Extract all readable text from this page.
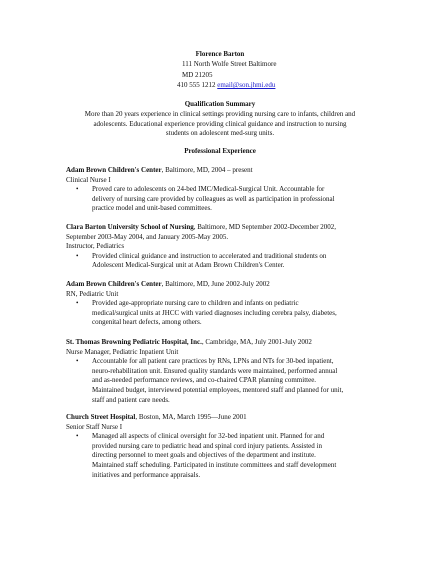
Florence Barton
111 North Wolfe Street Baltimore
MD 21205
410 555 1212 email@son.jhmi.edu
Qualification Summary
More than 20 years experience in clinical settings providing nursing care to infants, children and
adolescents. Educational experience providing clinical guidance and instruction to nursing
students on adolescent med-surg units.
Professional Experience
Adam Brown Children's Center, Baltimore, MD, 2004 – present
Clinical Nurse I
• Proved care to adolescents on 24-bed IMC/Medical-Surgical Unit. Accountable for
delivery of nursing care provided by colleagues as well as participation in professional
practice model and unit-based committees.
Clara Barton University School of Nursing, Baltimore, MD September 2002-December 2002,
September 2003-May 2004, and January 2005-May 2005.
Instructor, Pediatrics
• Provided clinical guidance and instruction to accelerated and traditional students on
Adolescent Medical-Surgical unit at Adam Brown Children's Center.
Adam Brown Children's Center, Baltimore, MD, June 2002-July 2002
RN, Pediatric Unit
• Provided age-appropriate nursing care to children and infants on pediatric
medical/surgical units at JHCC with varied diagnoses including cerebra palsy, diabetes,
congenital heart defects, among others.
St. Thomas Browning Pediatric Hospital, Inc., Cambridge, MA, July 2001-July 2002
Nurse Manager, Pediatric Inpatient Unit
• Accountable for all patient care practices by RNs, LPNs and NTs for 30-bed inpatient,
neuro-rehabilitation unit. Ensured quality standards were maintained, performed annual
and as-needed performance reviews, and co-chaired CPAR planning committee.
Maintained budget, interviewed potential employees, mentored staff and planned for unit,
staff and patient care needs.
Church Street Hospital, Boston, MA, March 1995—June 2001
Senior Staff Nurse I
• Managed all aspects of clinical oversight for 32-bed inpatient unit. Planned for and
provided nursing care to pediatric head and spinal cord injury patients. Assisted in
directing personnel to meet goals and objectives of the department and institute.
Maintained staff scheduling. Participated in institute committees and staff development
initiatives and performance appraisals.
